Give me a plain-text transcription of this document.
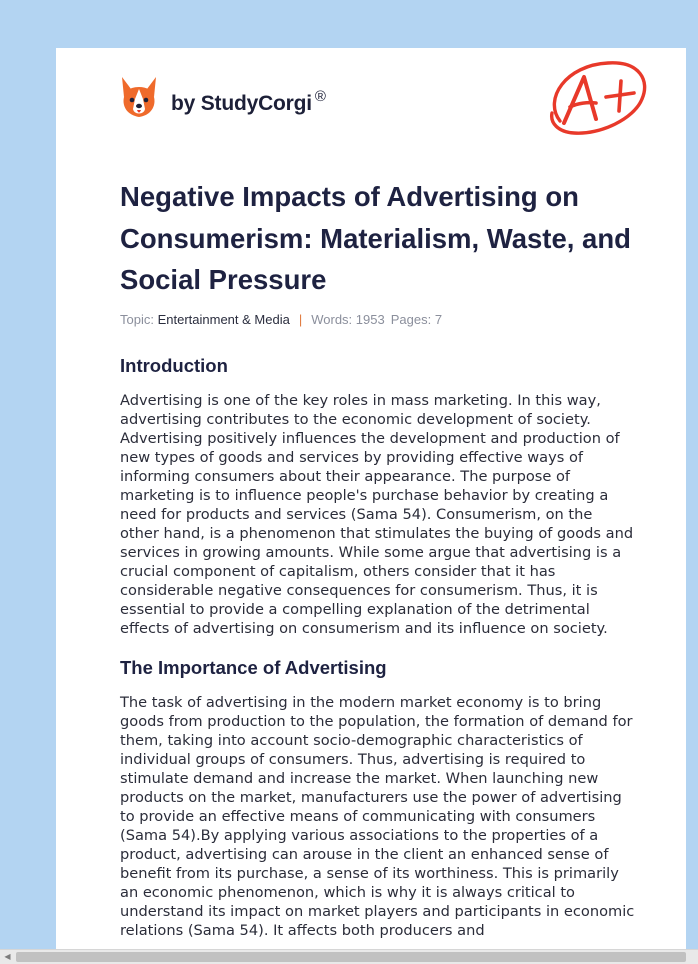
by StudyCorgi ®
Negative Impacts of Advertising on Consumerism: Materialism, Waste, and Social Pressure
Topic: Entertainment & Media | Words: 1953 Pages: 7
Introduction

Advertising is one of the key roles in mass marketing. In this way, advertising contributes to the economic development of society. Advertising positively influences the development and production of new types of goods and services by providing effective ways of informing consumers about their appearance. The purpose of marketing is to influence people's purchase behavior by creating a need for products and services (Sama 54). Consumerism, on the other hand, is a phenomenon that stimulates the buying of goods and services in growing amounts. While some argue that advertising is a crucial component of capitalism, others consider that it has considerable negative consequences for consumerism. Thus, it is essential to provide a compelling explanation of the detrimental effects of advertising on consumerism and its influence on society.

The Importance of Advertising

The task of advertising in the modern market economy is to bring goods from production to the population, the formation of demand for them, taking into account socio-demographic characteristics of individual groups of consumers. Thus, advertising is required to stimulate demand and increase the market. When launching new products on the market, manufacturers use the power of advertising to provide an effective means of communicating with consumers (Sama 54).By applying various associations to the properties of a product, advertising can arouse in the client an enhanced sense of benefit from its purchase, a sense of its worthiness. This is primarily an economic phenomenon, which is why it is always critical to understand its impact on market players and participants in economic relations (Sama 54). It affects both producers and

◀
